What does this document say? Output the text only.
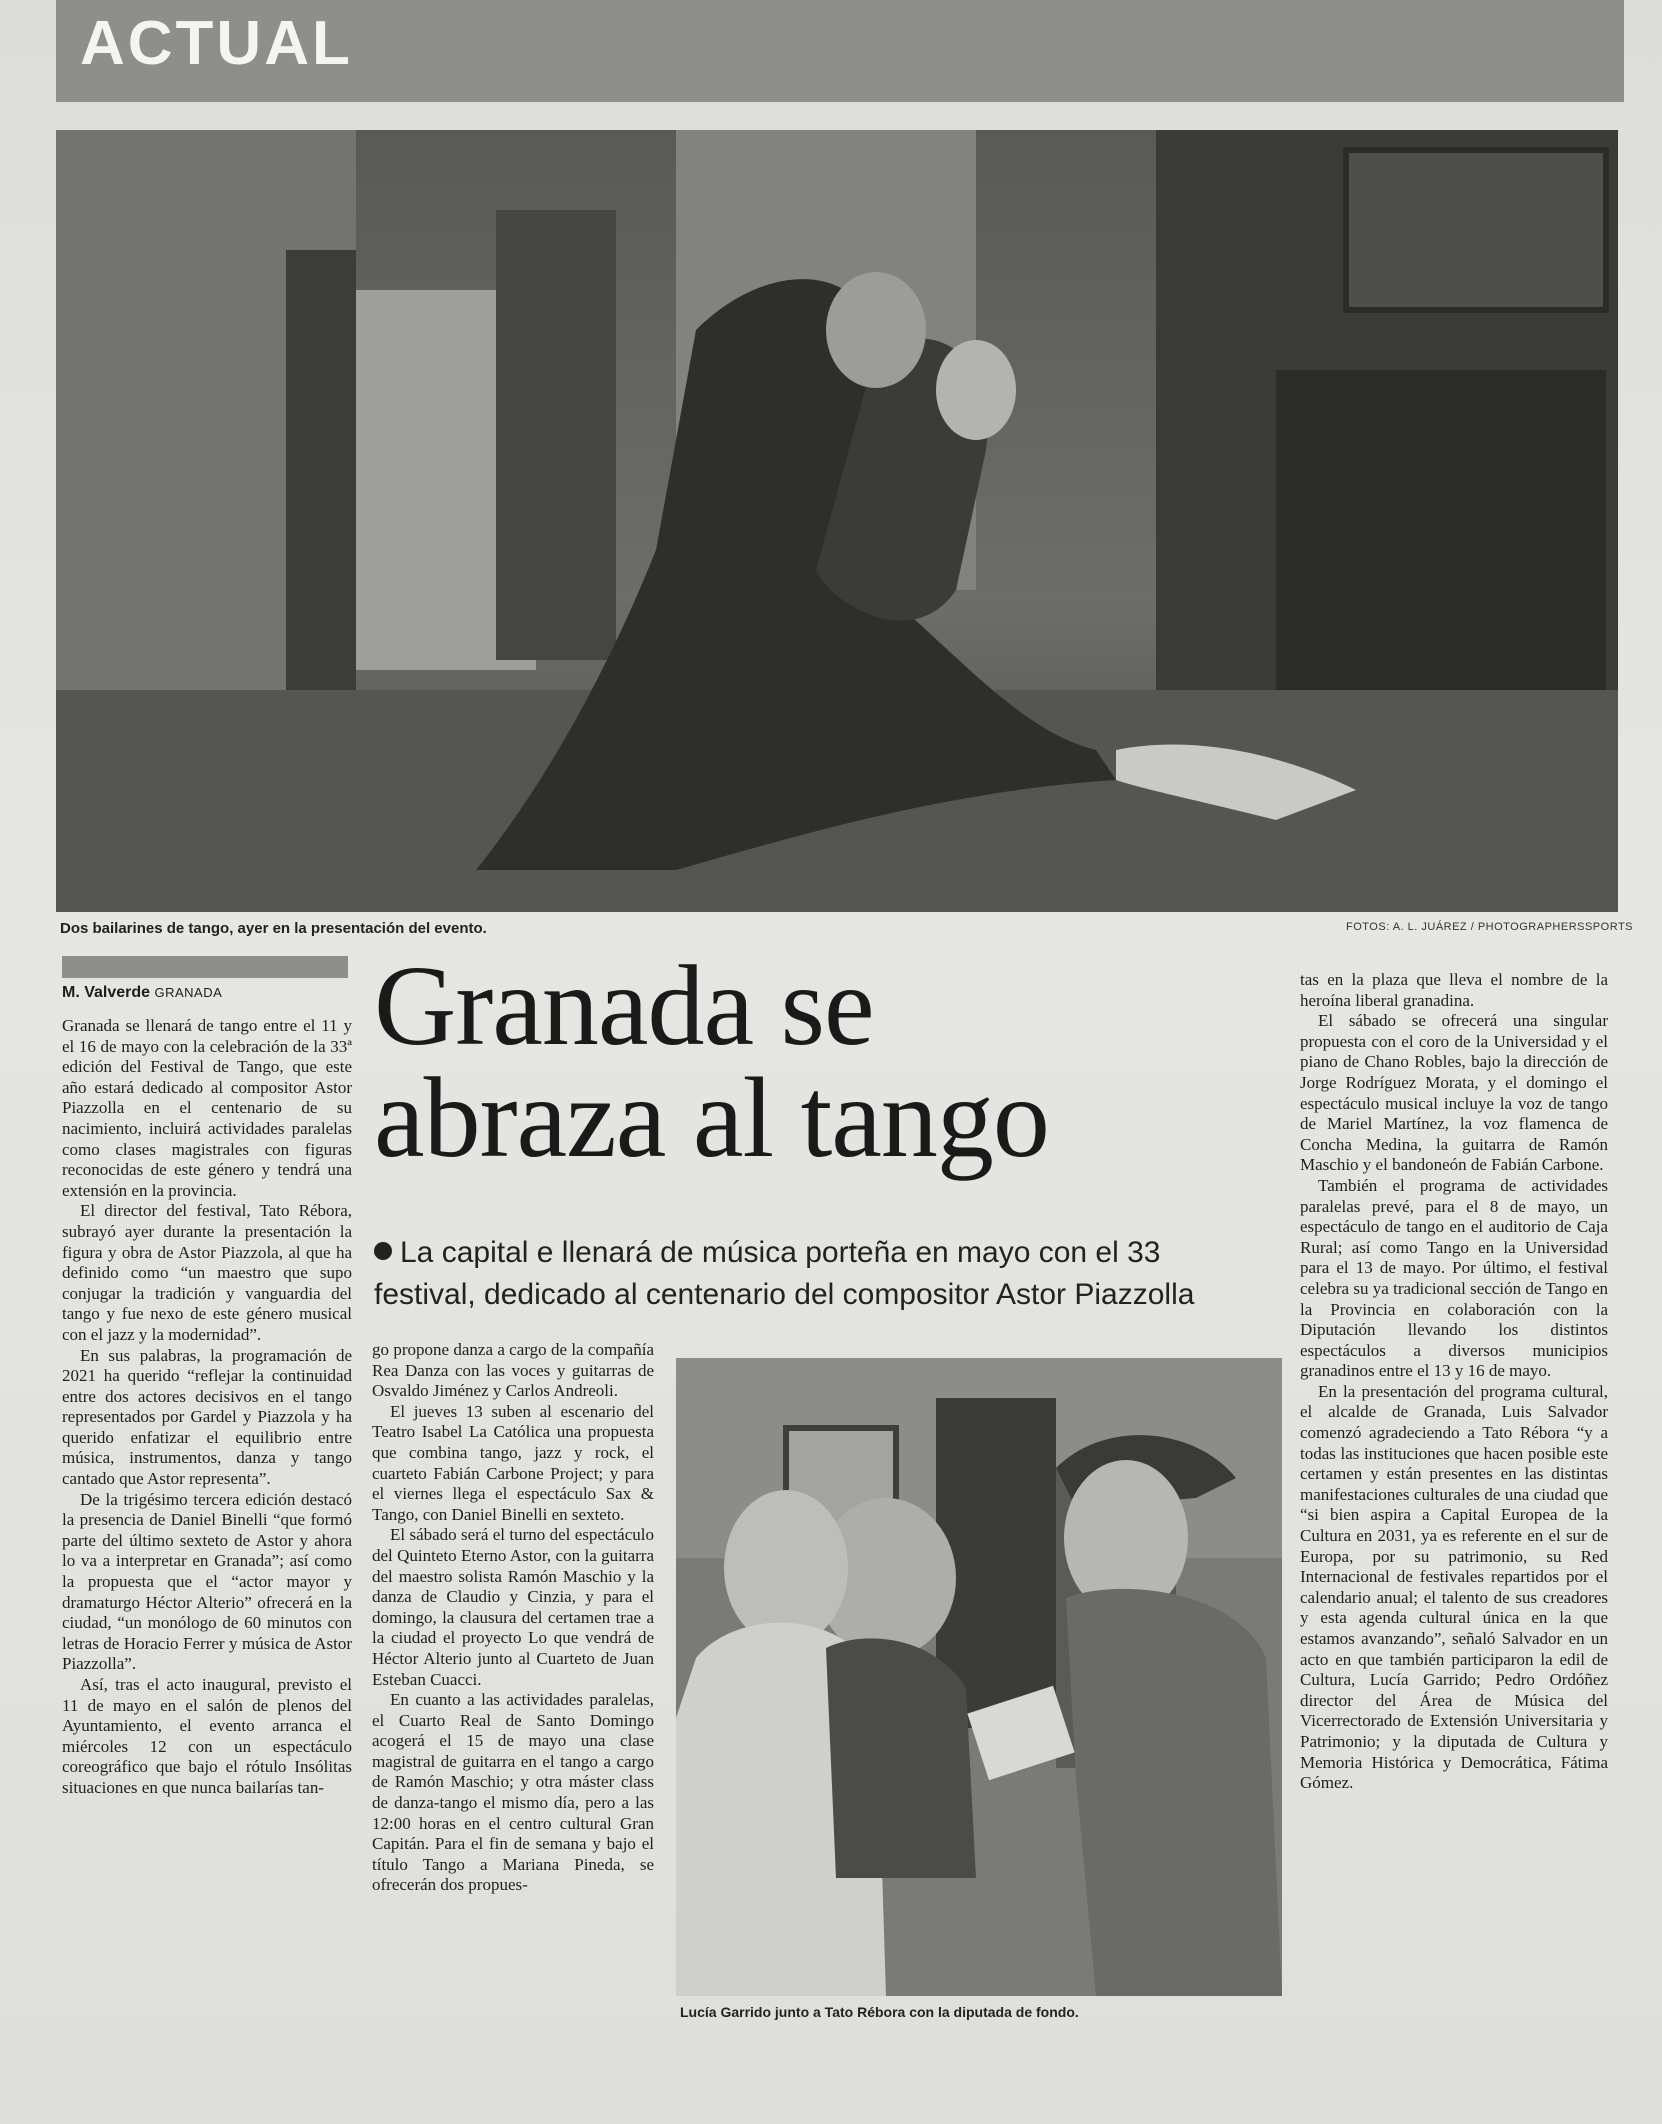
ACTUAL
Dos bailarines de tango, ayer en la presentación del evento.	FOTOS: A. L. JUÁREZ / PHOTOGRAPHERSSPORTS
M. Valverde GRANADA Granada se
abraza al tango
La capital e llenará de música porteña en mayo con el 33 festival, dedicado al centenario del compositor Astor Piazzolla

Granada se llenará de tango entre el 11 y el 16 de mayo con la celebración de la 33ª edición del Festival de Tango, que este año estará dedicado al compositor Astor Piazzolla en el centenario de su nacimiento, incluirá actividades paralelas como clases magistrales con figuras reconocidas de este género y tendrá una extensión en la provincia.

El director del festival, Tato Rébora, subrayó ayer durante la presentación la figura y obra de Astor Piazzola, al que ha definido como “un maestro que supo conjugar la tradición y vanguardia del tango y fue nexo de este género musical con el jazz y la modernidad”.

En sus palabras, la programación de 2021 ha querido “reflejar la continuidad entre dos actores decisivos en el tango representados por Gardel y Piazzola y ha querido enfatizar el equilibrio entre música, instrumentos, danza y tango cantado que Astor representa”.

De la trigésimo tercera edición destacó la presencia de Daniel Binelli “que formó parte del último sexteto de Astor y ahora lo va a interpretar en Granada”; así como la propuesta que el “actor mayor y dramaturgo Héctor Alterio” ofrecerá en la ciudad, “un monólogo de 60 minutos con letras de Horacio Ferrer y música de Astor Piazzolla”.

Así, tras el acto inaugural, previsto el 11 de mayo en el salón de plenos del Ayuntamiento, el evento arranca el miércoles 12 con un espectáculo coreográfico que bajo el rótulo Insólitas situaciones en que nunca bailarías tan-

go propone danza a cargo de la compañía Rea Danza con las voces y guitarras de Osvaldo Jiménez y Carlos Andreoli.

El jueves 13 suben al escenario del Teatro Isabel La Católica una propuesta que combina tango, jazz y rock, el cuarteto Fabián Carbone Project; y para el viernes llega el espectáculo Sax & Tango, con Daniel Binelli en sexteto.

El sábado será el turno del espectáculo del Quinteto Eterno Astor, con la guitarra del maestro solista Ramón Maschio y la danza de Claudio y Cinzia, y para el domingo, la clausura del certamen trae a la ciudad el proyecto Lo que vendrá de Héctor Alterio junto al Cuarteto de Juan Esteban Cuacci.

En cuanto a las actividades paralelas, el Cuarto Real de Santo Domingo acogerá el 15 de mayo una clase magistral de guitarra en el tango a cargo de Ramón Maschio; y otra máster class de danza-tango el mismo día, pero a las 12:00 horas en el centro cultural Gran Capitán. Para el fin de semana y bajo el título Tango a Mariana Pineda, se ofrecerán dos propues-

Lucía Garrido junto a Tato Rébora con la diputada de fondo.

tas en la plaza que lleva el nombre de la heroína liberal granadina.

El sábado se ofrecerá una singular propuesta con el coro de la Universidad y el piano de Chano Robles, bajo la dirección de Jorge Rodríguez Morata, y el domingo el espectáculo musical incluye la voz de tango de Mariel Martínez, la voz flamenca de Concha Medina, la guitarra de Ramón Maschio y el bandoneón de Fabián Carbone.

También el programa de actividades paralelas prevé, para el 8 de mayo, un espectáculo de tango en el auditorio de Caja Rural; así como Tango en la Universidad para el 13 de mayo. Por último, el festival celebra su ya tradicional sección de Tango en la Provincia en colaboración con la Diputación llevando los distintos espectáculos a diversos municipios granadinos entre el 13 y 16 de mayo.

En la presentación del programa cultural, el alcalde de Granada, Luis Salvador comenzó agradeciendo a Tato Rébora “y a todas las instituciones que hacen posible este certamen y están presentes en las distintas manifestaciones culturales de una ciudad que “si bien aspira a Capital Europea de la Cultura en 2031, ya es referente en el sur de Europa, por su patrimonio, su Red Internacional de festivales repartidos por el calendario anual; el talento de sus creadores y esta agenda cultural única en la que estamos avanzando”, señaló Salvador en un acto en que también participaron la edil de Cultura, Lucía Garrido; Pedro Ordóñez director del Área de Música del Vicerrectorado de Extensión Universitaria y Patrimonio; y la diputada de Cultura y Memoria Histórica y Democrática, Fátima Gómez.
